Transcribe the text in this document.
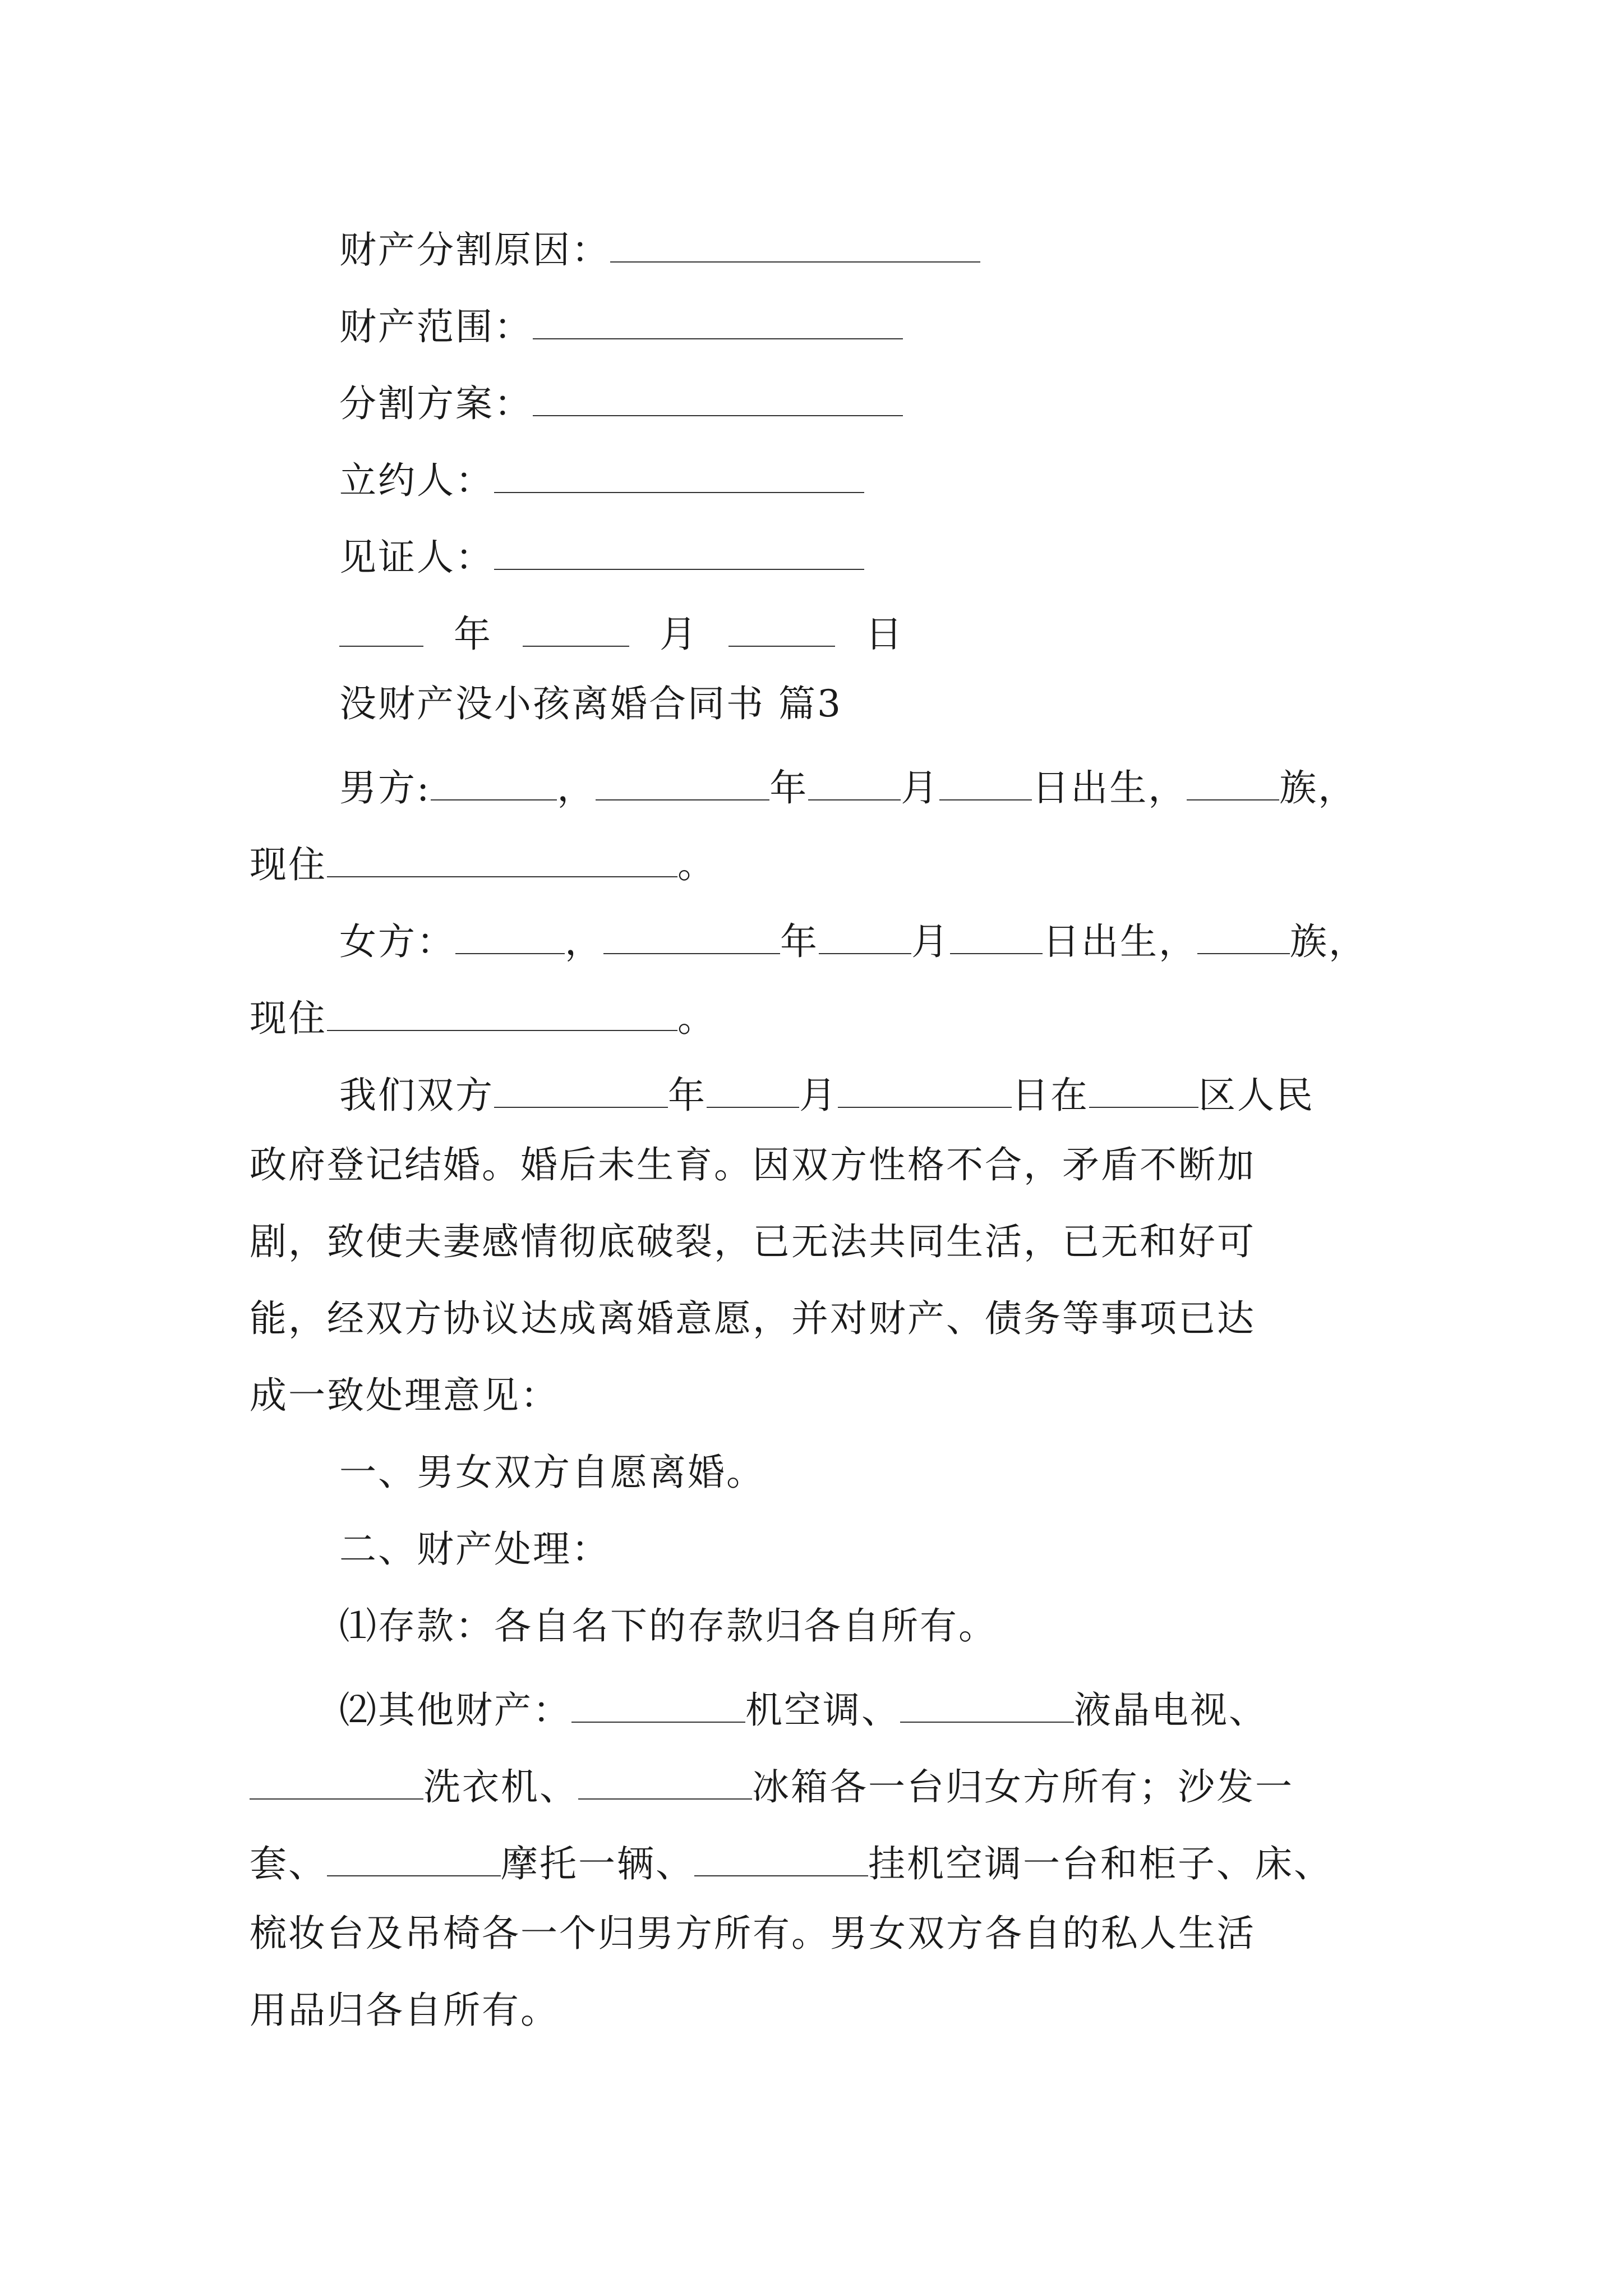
财产分割原因：
财产范围：
分割方案：
立约人：
见证人：
年	月	日
没财产没小孩离婚合同书 篇3
男方:	，	年	月	日出生，	族，
现住	。
女方：	，	年	月	日出生，	族，
现住	。
我们双方	年	月	日在	区人民
政府登记结婚。婚后未生育。因双方性格不合，矛盾不断加
剧，致使夫妻感情彻底破裂，已无法共同生活，已无和好可
能，经双方协议达成离婚意愿，并对财产、债务等事项已达
成一致处理意见：
一、男女双方自愿离婚。
二、财产处理：
⑴存款：各自名下的存款归各自所有。
⑵其他财产：	机空调、	液晶电视、
洗衣机、	冰箱各一台归女方所有；沙发一
套、	摩托一辆、	挂机空调一台和柜子、床、
梳妆台及吊椅各一个归男方所有。男女双方各自的私人生活
用品归各自所有。
